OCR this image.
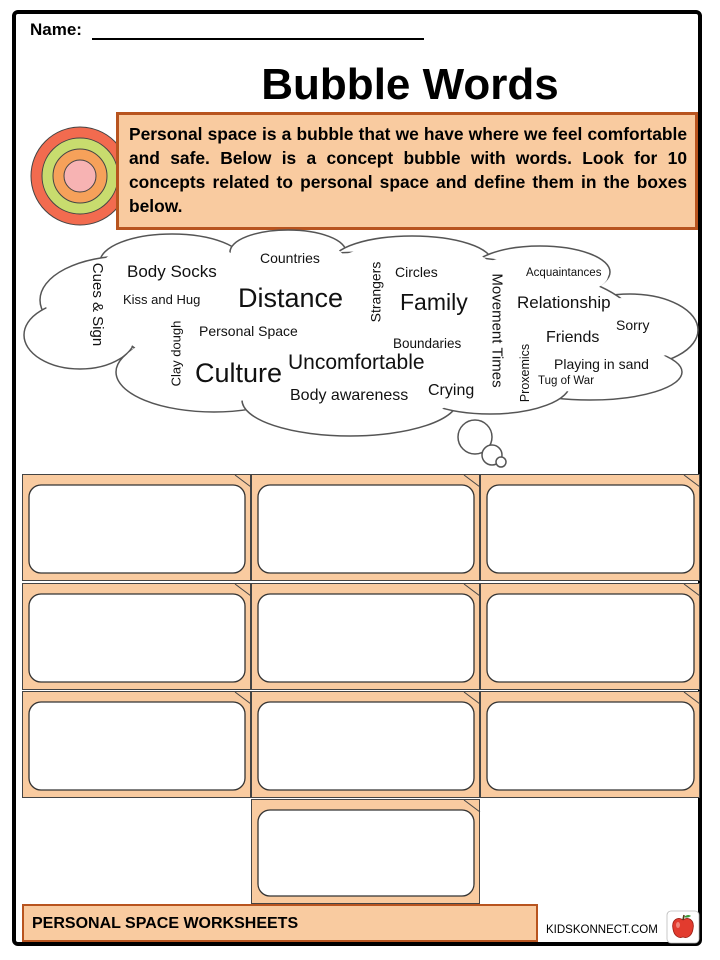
Name:
Bubble Words
Personal space is a bubble that we have where we feel comfortable and safe. Below is a concept bubble with words. Look for 10 concepts related to personal space and define them in the boxes below.
Cues & Sign Body Socks
Countries
Kiss and Hug Distance Strangers Circles
Family Movement Times
Acquaintances
Relationship
Sorry
Clay dough Personal Space
Boundaries	Friends
Culture Uncomfortable	Proxemics Playing in sand
Tug of War
Crying
Body awareness
PERSONAL SPACE WORKSHEETS	KIDSKONNECT.COM
